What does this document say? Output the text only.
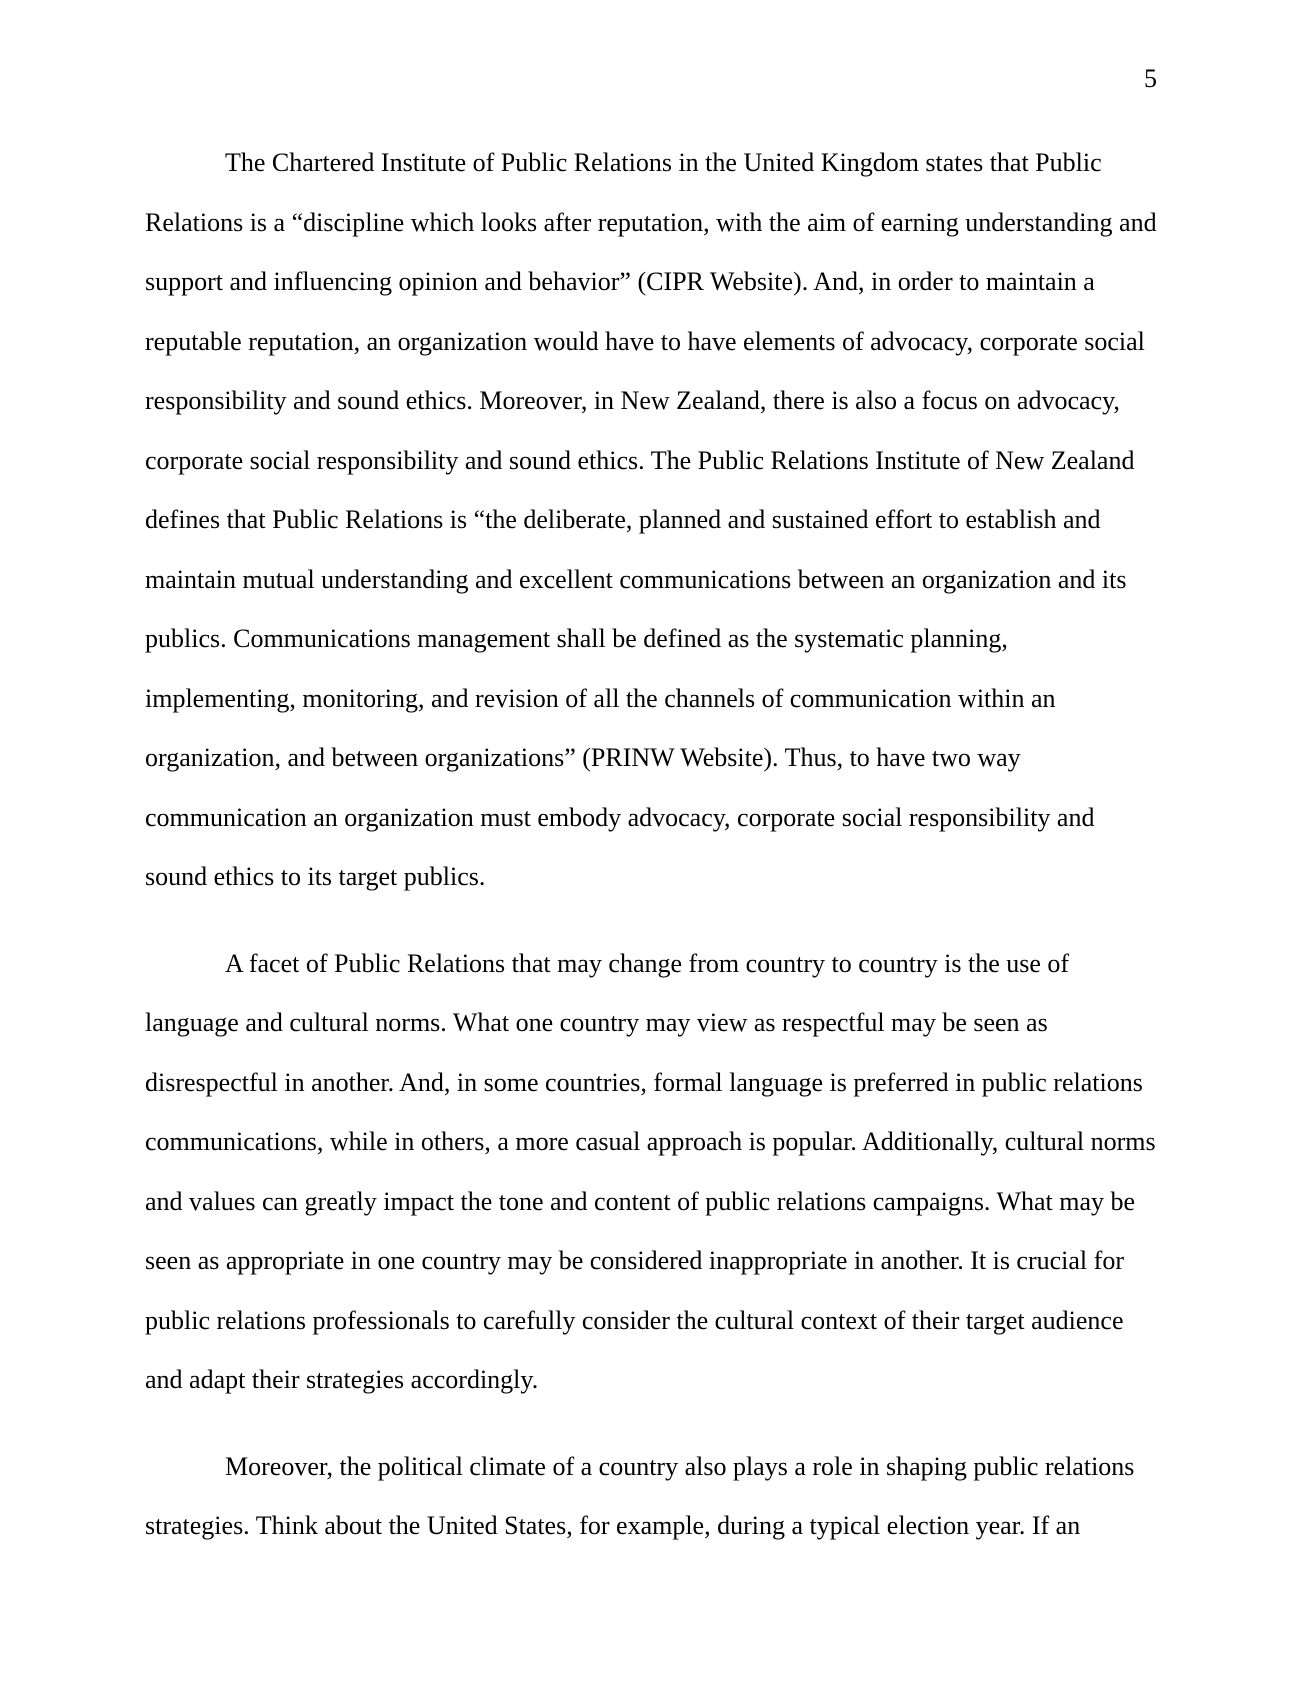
5

The Chartered Institute of Public Relations in the United Kingdom states that Public
Relations is a “discipline which looks after reputation, with the aim of earning understanding and
support and influencing opinion and behavior” (CIPR Website). And, in order to maintain a
reputable reputation, an organization would have to have elements of advocacy, corporate social
responsibility and sound ethics. Moreover, in New Zealand, there is also a focus on advocacy,
corporate social responsibility and sound ethics. The Public Relations Institute of New Zealand
defines that Public Relations is “the deliberate, planned and sustained effort to establish and
maintain mutual understanding and excellent communications between an organization and its
publics. Communications management shall be defined as the systematic planning,
implementing, monitoring, and revision of all the channels of communication within an
organization, and between organizations” (PRINW Website). Thus, to have two way
communication an organization must embody advocacy, corporate social responsibility and
sound ethics to its target publics.

A facet of Public Relations that may change from country to country is the use of
language and cultural norms. What one country may view as respectful may be seen as
disrespectful in another. And, in some countries, formal language is preferred in public relations
communications, while in others, a more casual approach is popular. Additionally, cultural norms
and values can greatly impact the tone and content of public relations campaigns. What may be
seen as appropriate in one country may be considered inappropriate in another. It is crucial for
public relations professionals to carefully consider the cultural context of their target audience
and adapt their strategies accordingly.

Moreover, the political climate of a country also plays a role in shaping public relations
strategies. Think about the United States, for example, during a typical election year. If an
